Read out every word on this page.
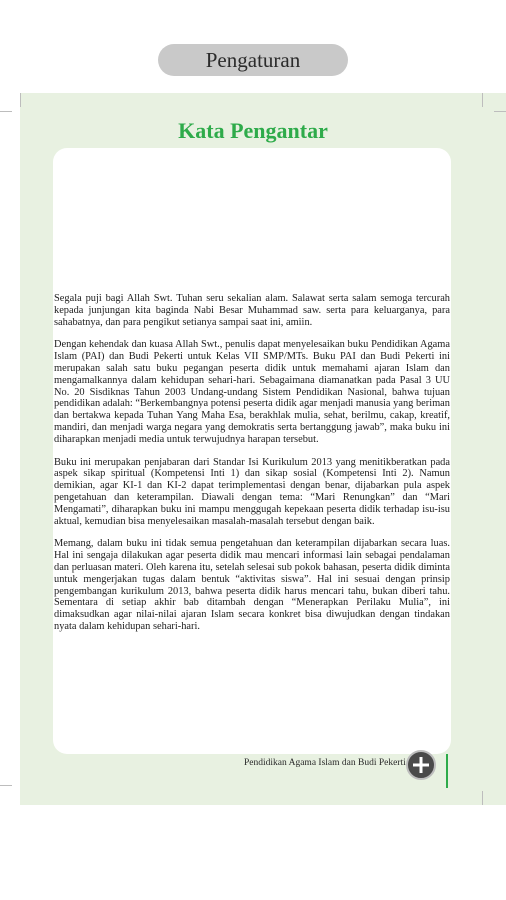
Pengaturan
Kata Pengantar

Segala puji bagi Allah Swt. Tuhan seru sekalian alam. Salawat serta salam semoga tercurah kepada junjungan kita baginda Nabi Besar Muhammad saw. serta para keluarganya, para sahabatnya, dan para pengikut setianya sampai saat ini, amiin.

Dengan kehendak dan kuasa Allah Swt., penulis dapat menyelesaikan buku Pendidikan Agama Islam (PAI) dan Budi Pekerti untuk Kelas VII SMP/MTs. Buku PAI dan Budi Pekerti ini merupakan salah satu buku pegangan peserta didik untuk memahami ajaran Islam dan mengamalkannya dalam kehidupan sehari-hari. Sebagaimana diamanatkan pada Pasal 3 UU No. 20 Sisdiknas Tahun 2003 Undang-undang Sistem Pendidikan Nasional, bahwa tujuan pendidikan adalah: “Berkembangnya potensi peserta didik agar menjadi manusia yang beriman dan bertakwa kepada Tuhan Yang Maha Esa, berakhlak mulia, sehat, berilmu, cakap, kreatif, mandiri, dan menjadi warga negara yang demokratis serta bertanggung jawab”, maka buku ini diharapkan menjadi media untuk terwujudnya harapan tersebut.

Buku ini merupakan penjabaran dari Standar Isi Kurikulum 2013 yang menitikberatkan pada aspek sikap spiritual (Kompetensi Inti 1) dan sikap sosial (Kompetensi Inti 2). Namun demikian, agar KI-1 dan KI-2 dapat terimplementasi dengan benar, dijabarkan pula aspek pengetahuan dan keterampilan. Diawali dengan tema: “Mari Renungkan” dan “Mari Mengamati”, diharapkan buku ini mampu menggugah kepekaan peserta didik terhadap isu-isu aktual, kemudian bisa menyelesaikan masalah-masalah tersebut dengan baik.

Memang, dalam buku ini tidak semua pengetahuan dan keterampilan dijabarkan secara luas. Hal ini sengaja dilakukan agar peserta didik mau mencari informasi lain sebagai pendalaman dan perluasan materi. Oleh karena itu, setelah selesai sub pokok bahasan, peserta didik diminta untuk mengerjakan tugas dalam bentuk “aktivitas siswa”. Hal ini sesuai dengan prinsip pengembangan kurikulum 2013, bahwa peserta didik harus mencari tahu, bukan diberi tahu. Sementara di setiap akhir bab ditambah dengan “Menerapkan Perilaku Mulia”, ini dimaksudkan agar nilai-nilai ajaran Islam secara konkret bisa diwujudkan dengan tindakan nyata dalam kehidupan sehari-hari.

Pendidikan Agama Islam dan Budi Pekerti
